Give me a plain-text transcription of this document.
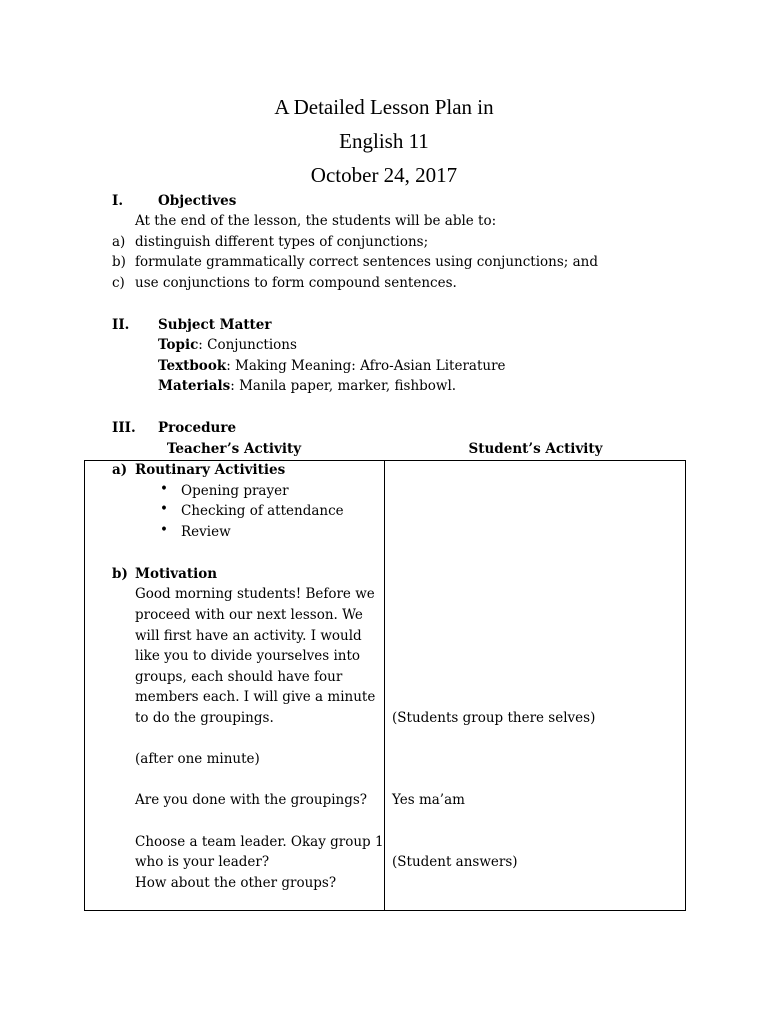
A Detailed Lesson Plan in
English 11
October 24, 2017
I.	Objectives
At the end of the lesson, the students will be able to:
a) distinguish different types of conjunctions;
b) formulate grammatically correct sentences using conjunctions; and
c) use conjunctions to form compound sentences.
II. Subject Matter
Topic: Conjunctions
Textbook: Making Meaning: Afro-Asian Literature
Materials: Manila paper, marker, fishbowl.
III. Procedure
Teacher’s Activity	Student’s Activity
a) Routinary Activities
• Opening prayer
• Checking of attendance
• Review
b) Motivation
Good morning students! Before we
proceed with our next lesson. We
will first have an activity. I would
like you to divide yourselves into
groups, each should have four
members each. I will give a minute
to do the groupings.
(after one minute)
Are you done with the groupings?
Choose a team leader. Okay group 1
who is your leader?
How about the other groups?
(Students group there selves)
Yes ma’am
(Student answers)
